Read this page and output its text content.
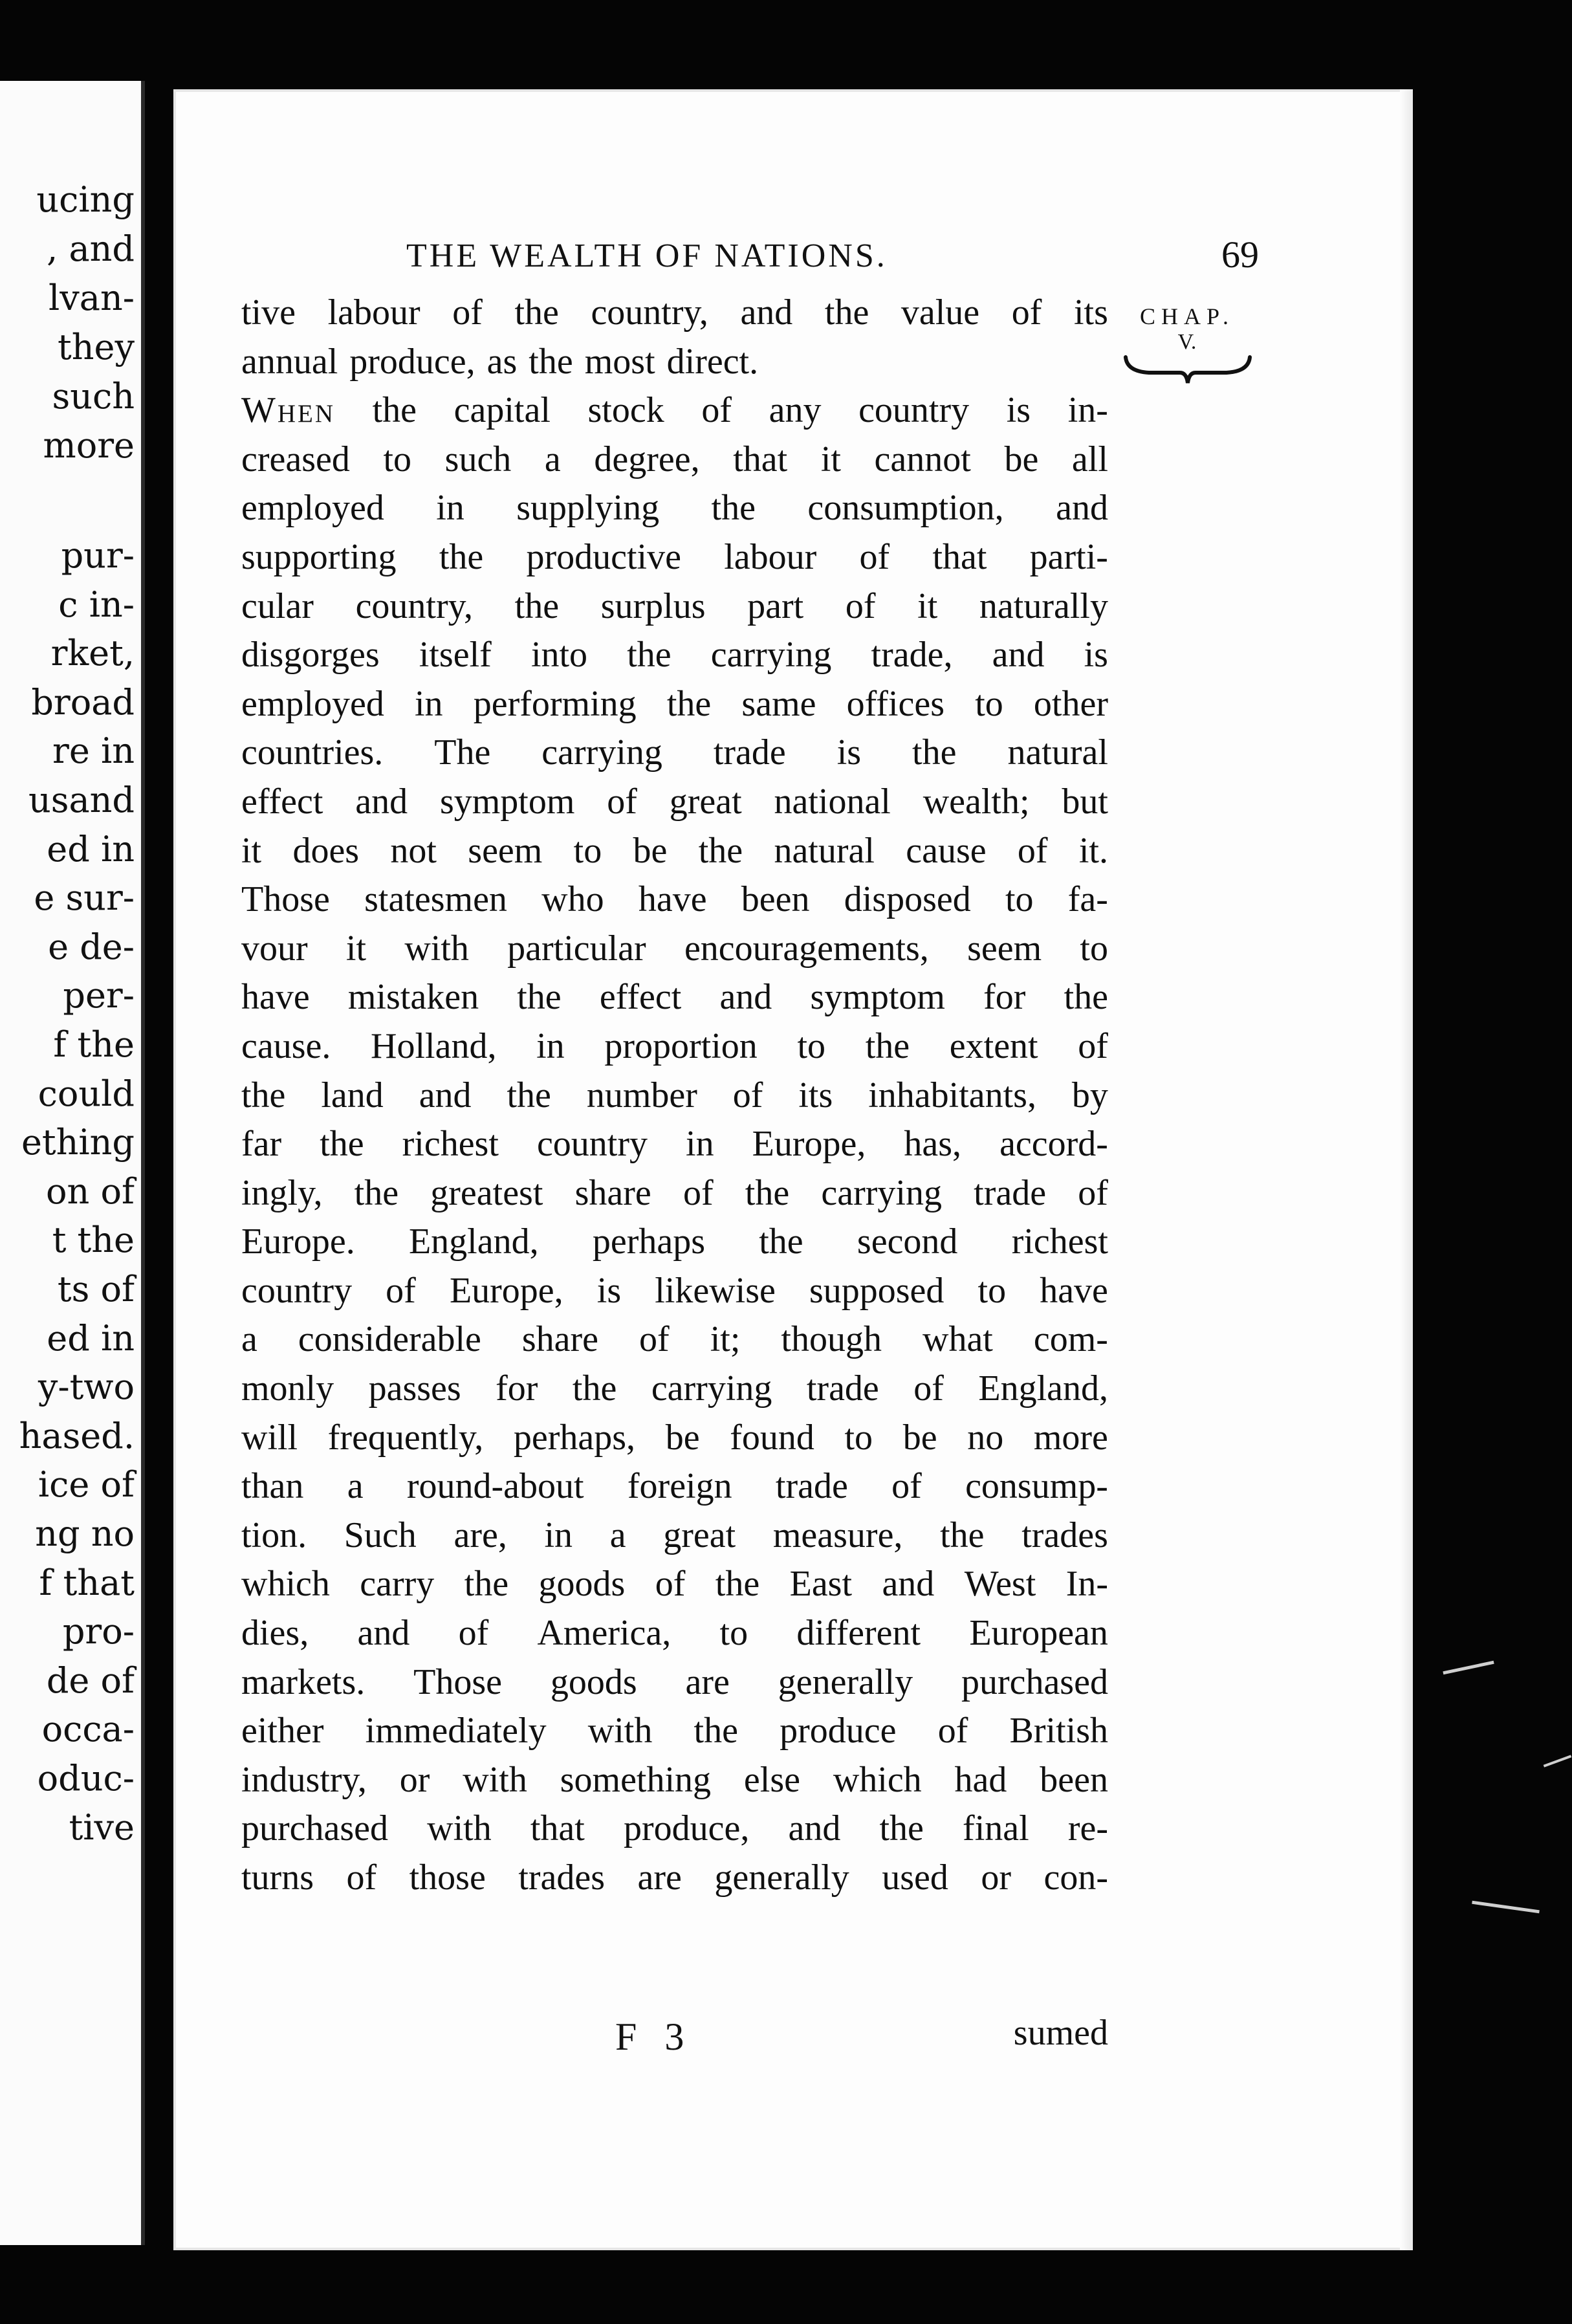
ucing
, and
lvan-
they
such
more
pur-
c in-
rket,
broad
re in
usand
ed in
e sur-
e de-
per-
f the
could
ething
on of
t the
ts of
ed in
y-two
hased.
ice of
ng no
f that
pro-
de of
occa-
oduc-
tive
THE WEALTH OF NATIONS.	69
CHAP.
V.
tive labour of the country, and the value of its
annual produce, as the most direct.
When the capital stock of any country is in-
creased to such a degree, that it cannot be all
employed in supplying the consumption, and
supporting the productive labour of that parti-
cular country, the surplus part of it naturally
disgorges itself into the carrying trade, and is
employed in performing the same offices to other
countries. The carrying trade is the natural
effect and symptom of great national wealth; but
it does not seem to be the natural cause of it.
Those statesmen who have been disposed to fa-
vour it with particular encouragements, seem to
have mistaken the effect and symptom for the
cause. Holland, in proportion to the extent of
the land and the number of its inhabitants, by
far the richest country in Europe, has, accord-
ingly, the greatest share of the carrying trade of
Europe. England, perhaps the second richest
country of Europe, is likewise supposed to have
a considerable share of it; though what com-
monly passes for the carrying trade of England,
will frequently, perhaps, be found to be no more
than a round-about foreign trade of consump-
tion. Such are, in a great measure, the trades
which carry the goods of the East and West In-
dies, and of America, to different European
markets. Those goods are generally purchased
either immediately with the produce of British
industry, or with something else which had been
purchased with that produce, and the final re-
turns of those trades are generally used or con-
F 3	sumed
